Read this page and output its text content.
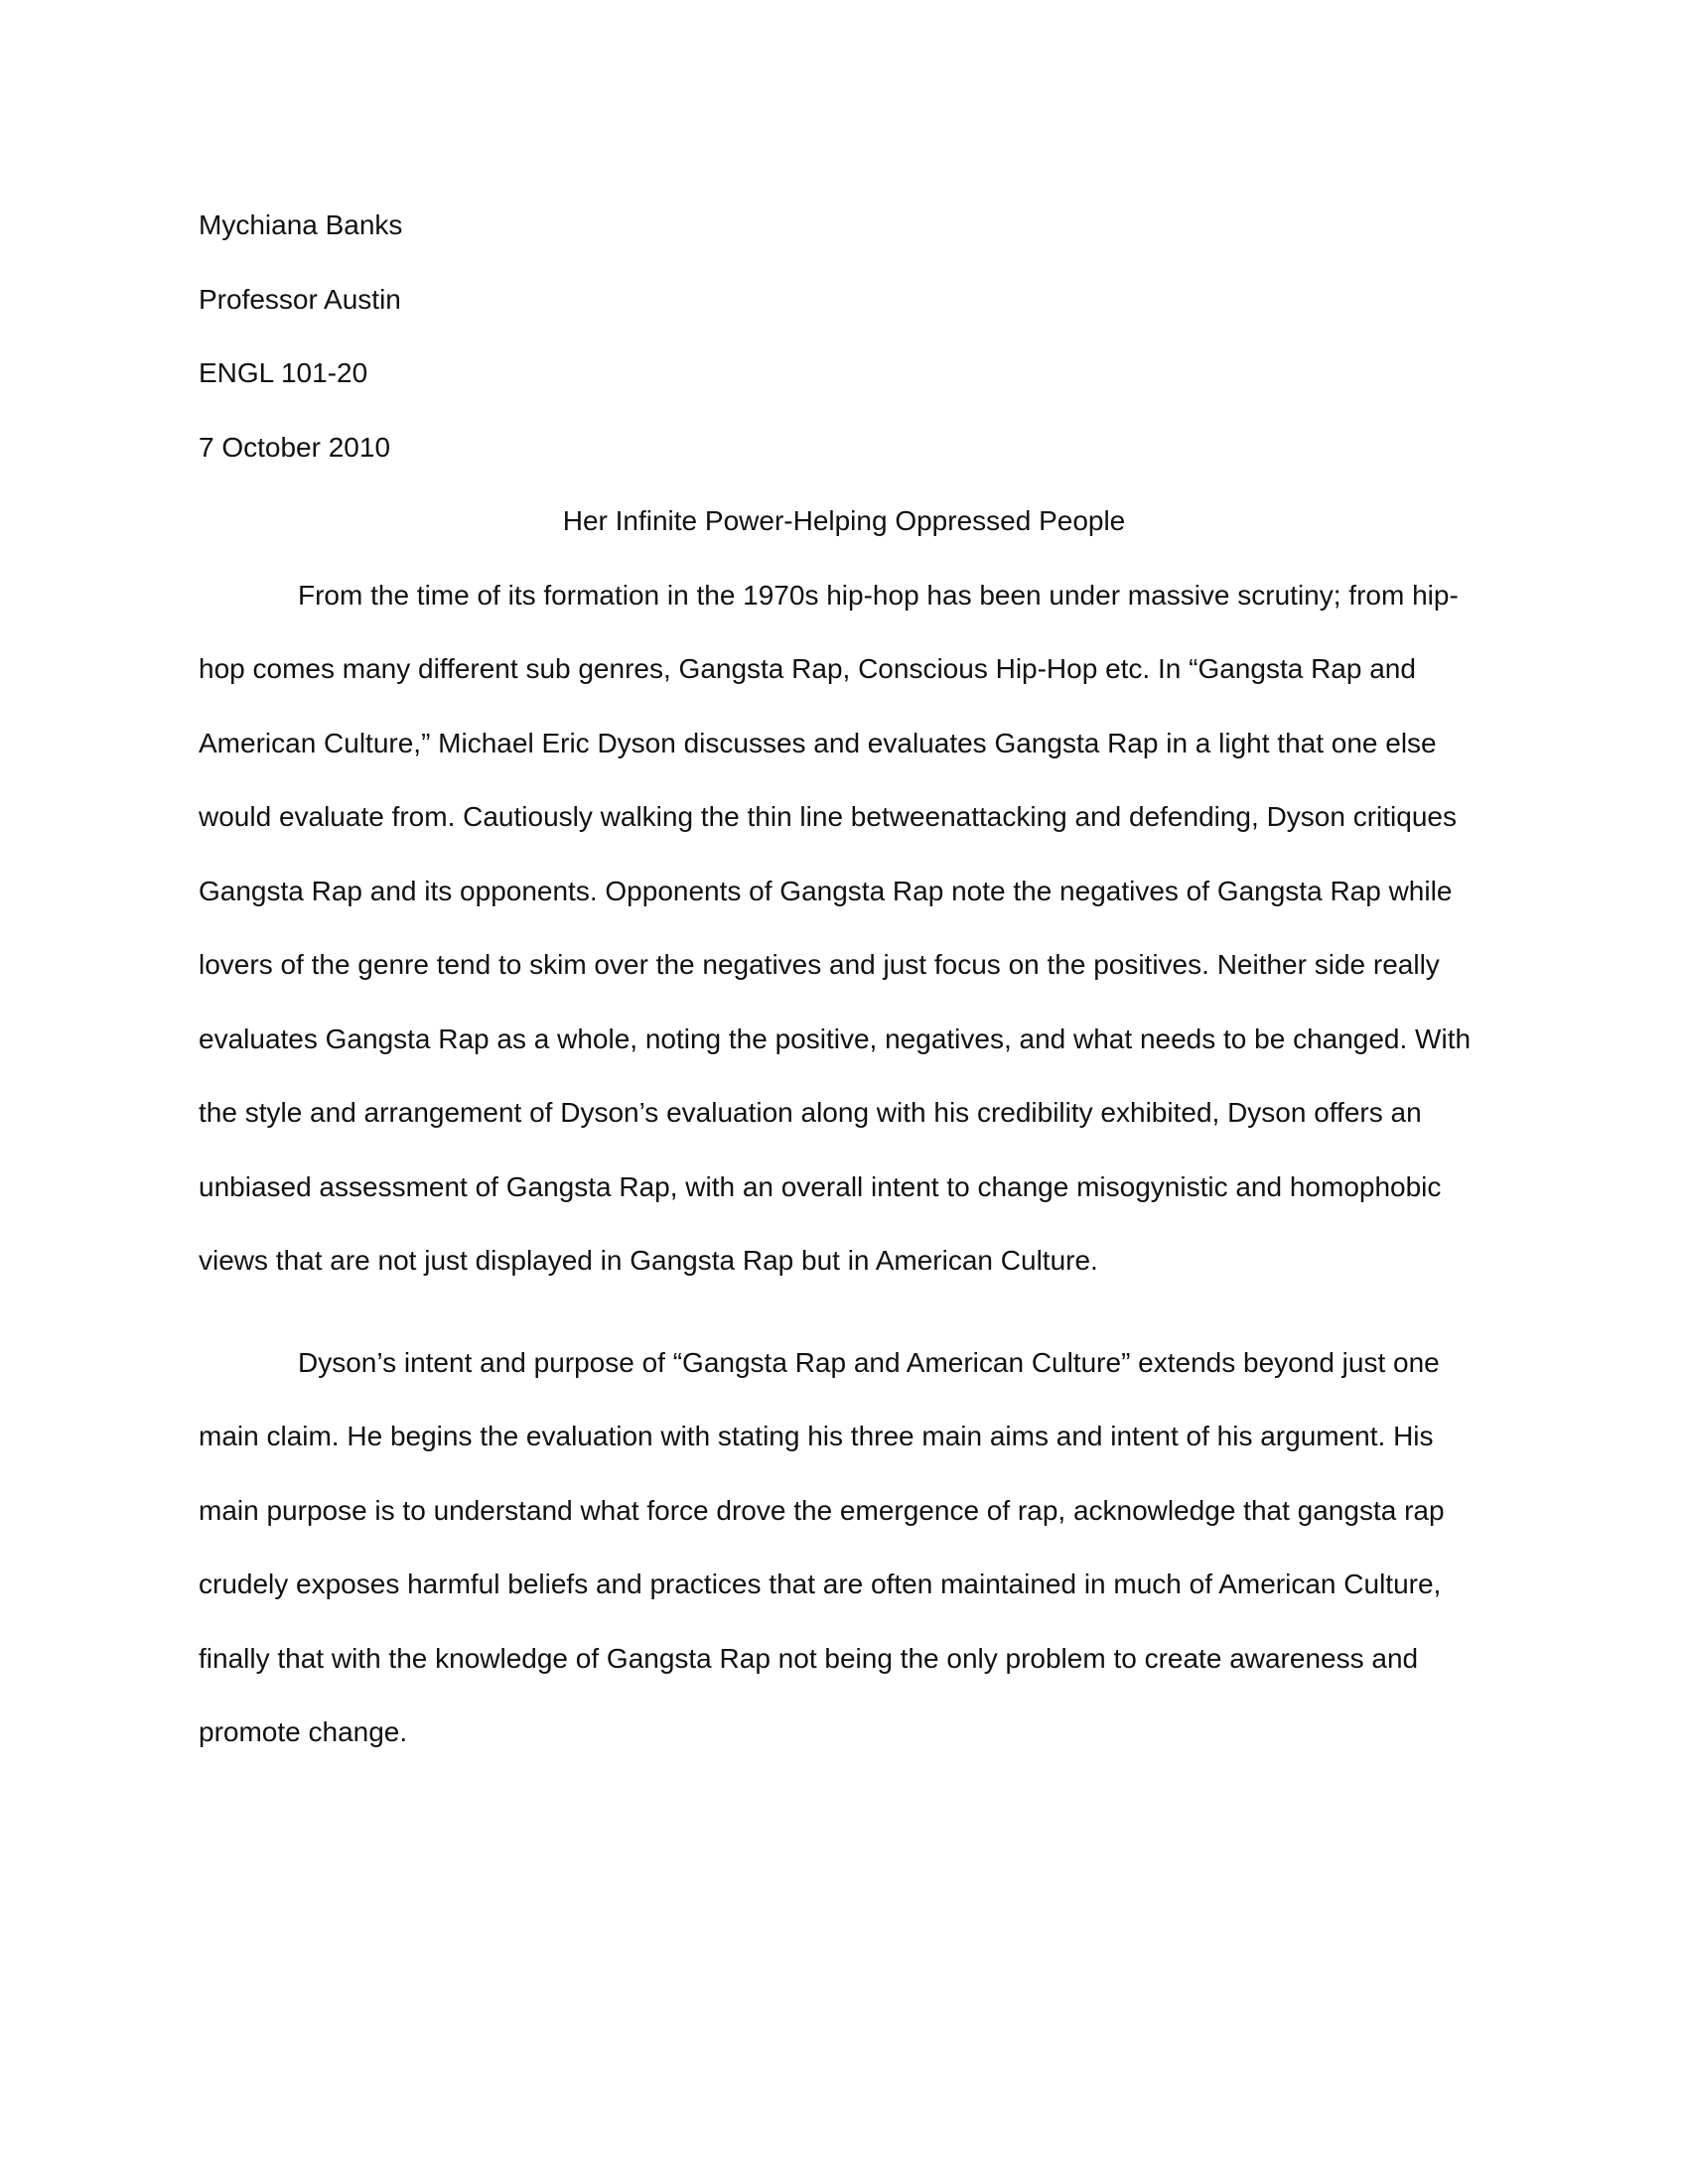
Mychiana Banks

Professor Austin

ENGL 101-20

7 October 2010

Her Infinite Power-Helping Oppressed People

From the time of its formation in the 1970s hip-hop has been under massive scrutiny; from hip-hop comes many different sub genres, Gangsta Rap, Conscious Hip-Hop etc. In “Gangsta Rap and American Culture,” Michael Eric Dyson discusses and evaluates Gangsta Rap in a light that one else would evaluate from. Cautiously walking the thin line betweenattacking and defending, Dyson critiques Gangsta Rap and its opponents. Opponents of Gangsta Rap note the negatives of Gangsta Rap while lovers of the genre tend to skim over the negatives and just focus on the positives. Neither side really evaluates Gangsta Rap as a whole, noting the positive, negatives, and what needs to be changed. With the style and arrangement of Dyson’s evaluation along with his credibility exhibited, Dyson offers an unbiased assessment of Gangsta Rap, with an overall intent to change misogynistic and homophobic views that are not just displayed in Gangsta Rap but in American Culture.

Dyson’s intent and purpose of “Gangsta Rap and American Culture” extends beyond just one main claim. He begins the evaluation with stating his three main aims and intent of his argument. His main purpose is to understand what force drove the emergence of rap, acknowledge that gangsta rap crudely exposes harmful beliefs and practices that are often maintained in much of American Culture, finally that with the knowledge of Gangsta Rap not being the only problem to create awareness and promote change.
